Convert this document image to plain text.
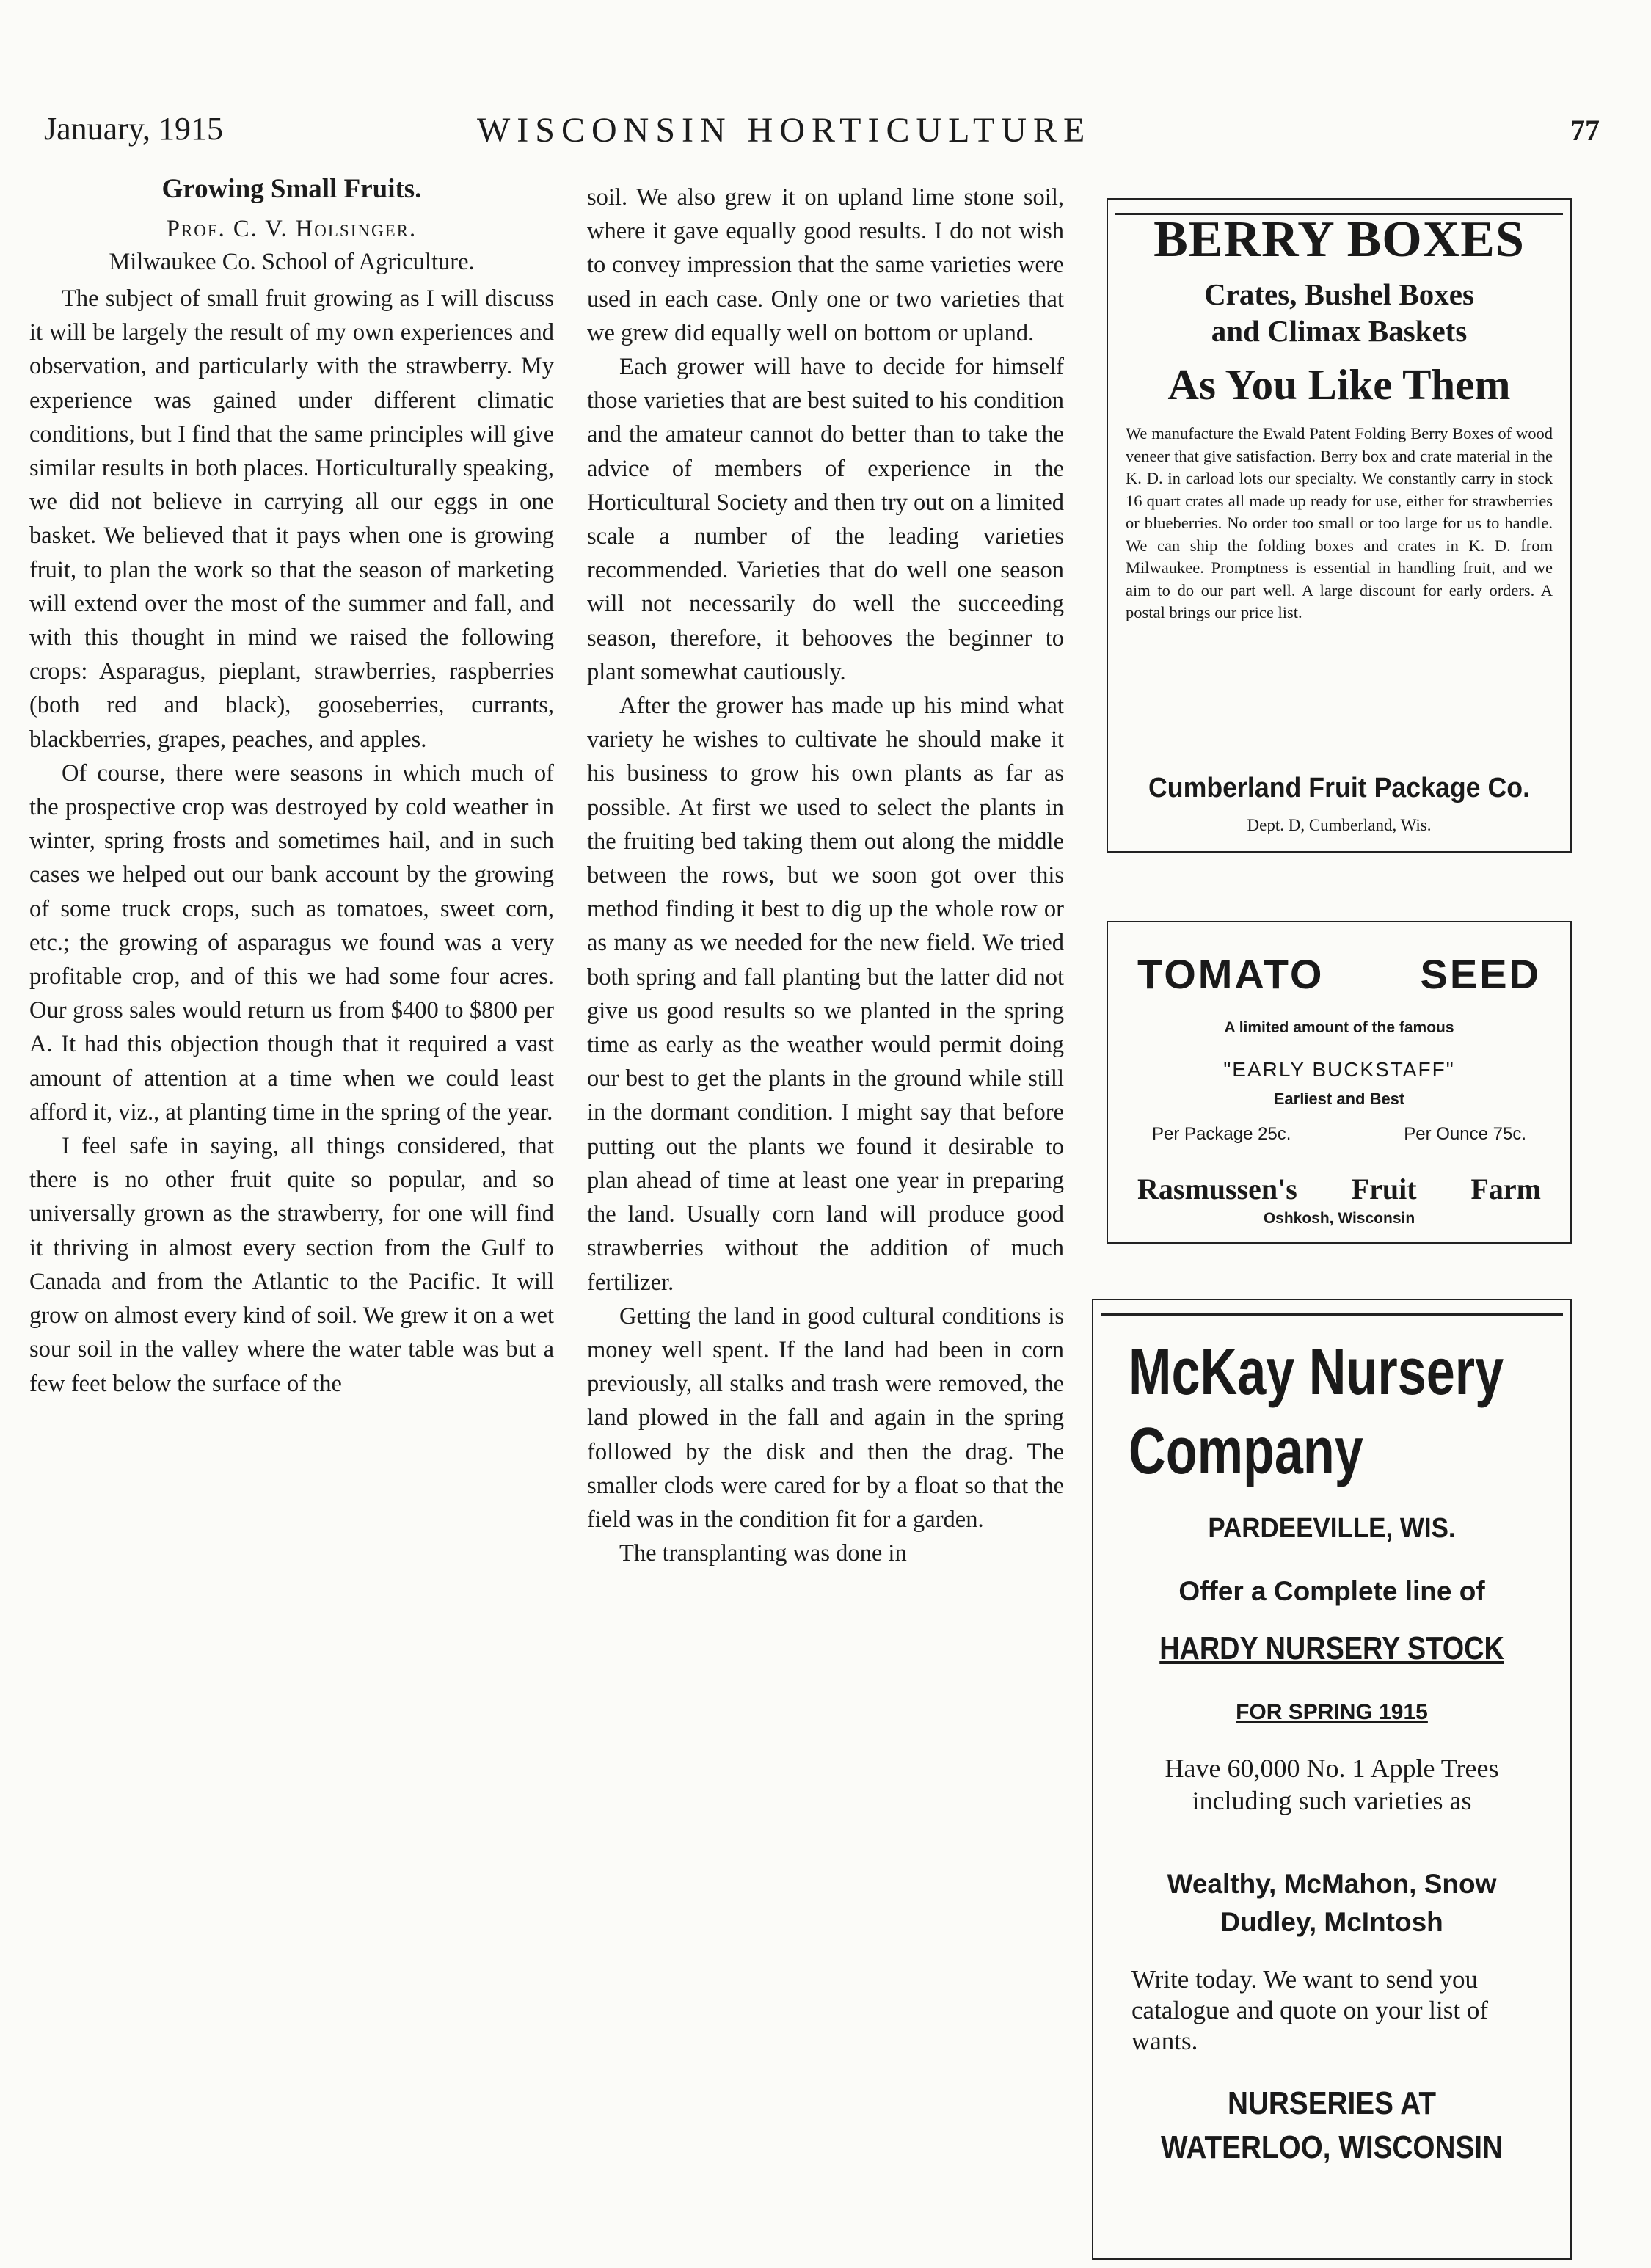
January, 1915	WISCONSIN HORTICULTURE	77
Growing Small Fruits.
Prof. C. V. Holsinger.
Milwaukee Co. School of Agriculture.

The subject of small fruit growing as I will discuss it will be largely the result of my own experiences and observation, and particularly with the strawberry. My experience was gained under different climatic conditions, but I find that the same principles will give similar results in both places. Horticulturally speaking, we did not believe in carrying all our eggs in one basket. We believed that it pays when one is growing fruit, to plan the work so that the season of marketing will extend over the most of the summer and fall, and with this thought in mind we raised the following crops: Asparagus, pieplant, strawberries, raspberries (both red and black), gooseberries, currants, blackberries, grapes, peaches, and apples.

Of course, there were seasons in which much of the prospective crop was destroyed by cold weather in winter, spring frosts and sometimes hail, and in such cases we helped out our bank account by the growing of some truck crops, such as tomatoes, sweet corn, etc.; the growing of asparagus we found was a very profitable crop, and of this we had some four acres. Our gross sales would return us from $400 to $800 per A. It had this objection though that it required a vast amount of attention at a time when we could least afford it, viz., at planting time in the spring of the year.

I feel safe in saying, all things considered, that there is no other fruit quite so popular, and so universally grown as the strawberry, for one will find it thriving in almost every section from the Gulf to Canada and from the Atlantic to the Pacific. It will grow on almost every kind of soil. We grew it on a wet sour soil in the valley where the water table was but a few feet below the surface of the

soil. We also grew it on upland lime stone soil, where it gave equally good results. I do not wish to convey impression that the same varieties were used in each case. Only one or two varieties that we grew did equally well on bottom or upland.

Each grower will have to decide for himself those varieties that are best suited to his condition and the amateur cannot do better than to take the advice of members of experience in the Horticultural Society and then try out on a limited scale a number of the leading varieties recommended. Varieties that do well one season will not necessarily do well the succeeding season, therefore, it behooves the beginner to plant somewhat cautiously.

After the grower has made up his mind what variety he wishes to cultivate he should make it his business to grow his own plants as far as possible. At first we used to select the plants in the fruiting bed taking them out along the middle between the rows, but we soon got over this method finding it best to dig up the whole row or as many as we needed for the new field. We tried both spring and fall planting but the latter did not give us good results so we planted in the spring time as early as the weather would permit doing our best to get the plants in the ground while still in the dormant condition. I might say that before putting out the plants we found it desirable to plan ahead of time at least one year in preparing the land. Usually corn land will produce good strawberries without the addition of much fertilizer.

Getting the land in good cultural conditions is money well spent. If the land had been in corn previously, all stalks and trash were removed, the land plowed in the fall and again in the spring followed by the disk and then the drag. The smaller clods were cared for by a float so that the field was in the condition fit for a garden.

The transplanting was done in

BERRY BOXES
Crates, Bushel Boxes
and Climax Baskets
As You Like Them
We manufacture the Ewald Patent Folding Berry Boxes of wood veneer that give satisfaction. Berry box and crate material in the K. D. in carload lots our specialty. We constantly carry in stock 16 quart crates all made up ready for use, either for strawberries or blueberries. No order too small or too large for us to handle. We can ship the folding boxes and crates in K. D. from Milwaukee. Promptness is essential in handling fruit, and we aim to do our part well. A large discount for early orders. A postal brings our price list.
Cumberland Fruit Package Co.
Dept. D, Cumberland, Wis.
TOMATO SEED
A limited amount of the famous
"EARLY BUCKSTAFF"
Earliest and Best
Per Package 25c.	Per Ounce 75c.
Rasmussen's Fruit Farm
Oshkosh, Wisconsin
McKay Nursery
Company
PARDEEVILLE, WIS.
Offer a Complete line of
HARDY NURSERY STOCK
FOR SPRING 1915
Have 60,000 No. 1 Apple Trees including such varieties as
Wealthy, McMahon, Snow
Dudley, McIntosh
Write today. We want to send you catalogue and quote on your list of wants.
NURSERIES AT
WATERLOO, WISCONSIN
